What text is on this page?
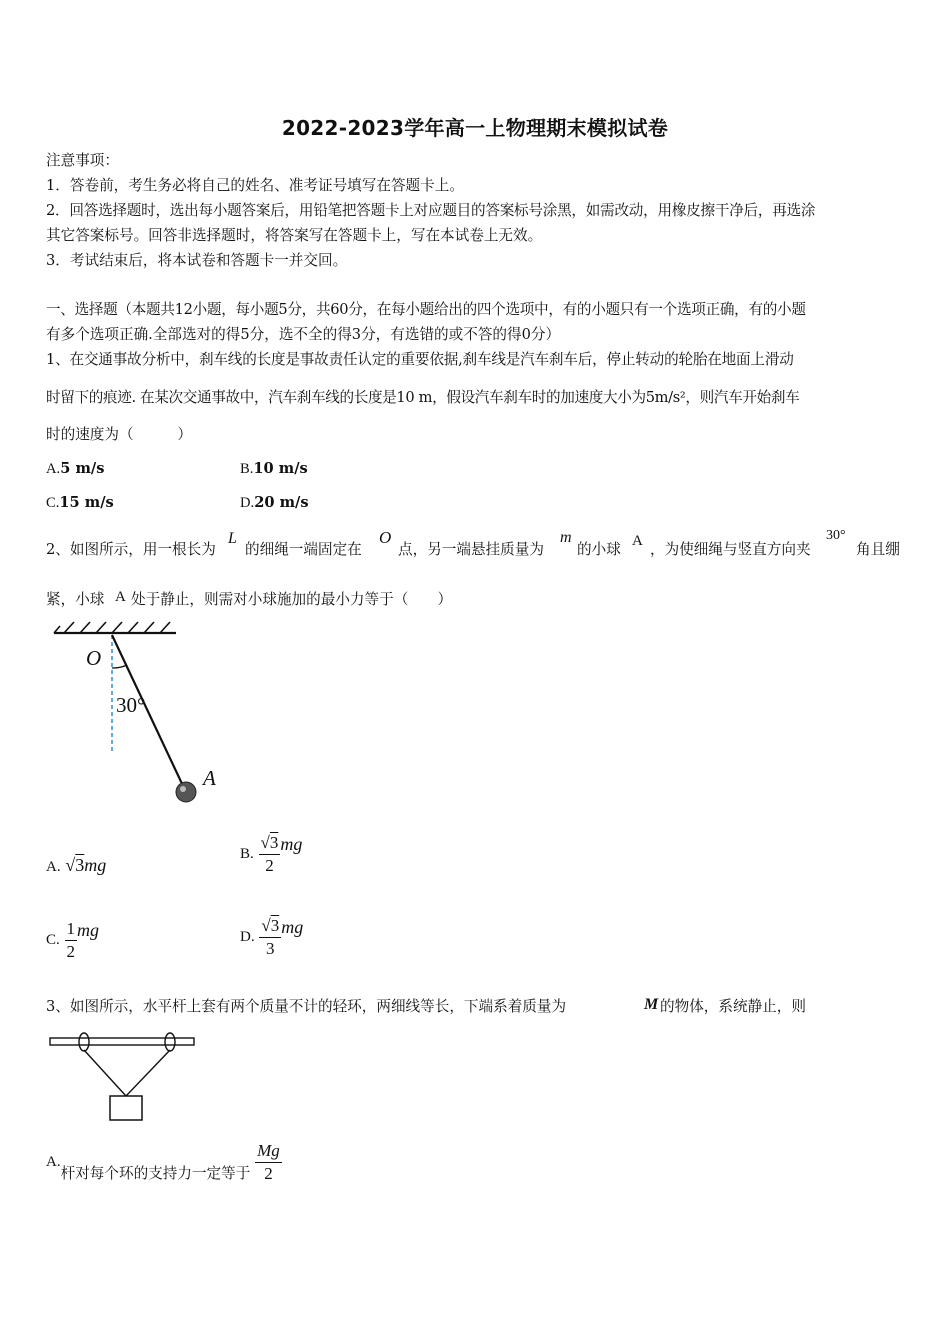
2022-2023学年高一上物理期末模拟试卷
注意事项：
1．答卷前，考生务必将自己的姓名、准考证号填写在答题卡上。
2．回答选择题时，选出每小题答案后，用铅笔把答题卡上对应题目的答案标号涂黑，如需改动，用橡皮擦干净后，再选涂
其它答案标号。回答非选择题时，将答案写在答题卡上，写在本试卷上无效。
3．考试结束后，将本试卷和答题卡一并交回。
一、选择题（本题共12小题，每小题5分，共60分，在每小题给出的四个选项中，有的小题只有一个选项正确，有的小题
有多个选项正确.全部选对的得5分，选不全的得3分，有选错的或不答的得0分）
1、在交通事故分析中，刹车线的长度是事故责任认定的重要依据,刹车线是汽车刹车后，停止转动的轮胎在地面上滑动
时留下的痕迹. 在某次交通事故中，汽车刹车线的长度是10 m，假设汽车刹车时的加速度大小为5m/s²，则汽车开始刹车
时的速度为（　　　）
A.5 m/s	B.10 m/s
C.15 m/s	D.20 m/s
2、如图所示，用一根长为
L
的细绳一端固定在
O
点，另一端悬挂质量为
m
的小球 A ，为使细绳与竖直方向夹
30°
角且绷
紧，小球 A 处于静止，则需对小球施加的最小力等于（　　）
O
30°
A
A. √3mg
B. $\frac{√3}{2}$ mg
C. $\frac{1}{2}$ mg	D. $\frac{√3}{3}$ mg
3、如图所示，水平杆上套有两个质量不计的轻环，两细线等长，下端系着质量为	M 的物体，系统静止，则
A.杆对每个环的支持力一定等于 $\frac{Mg}{2}$
